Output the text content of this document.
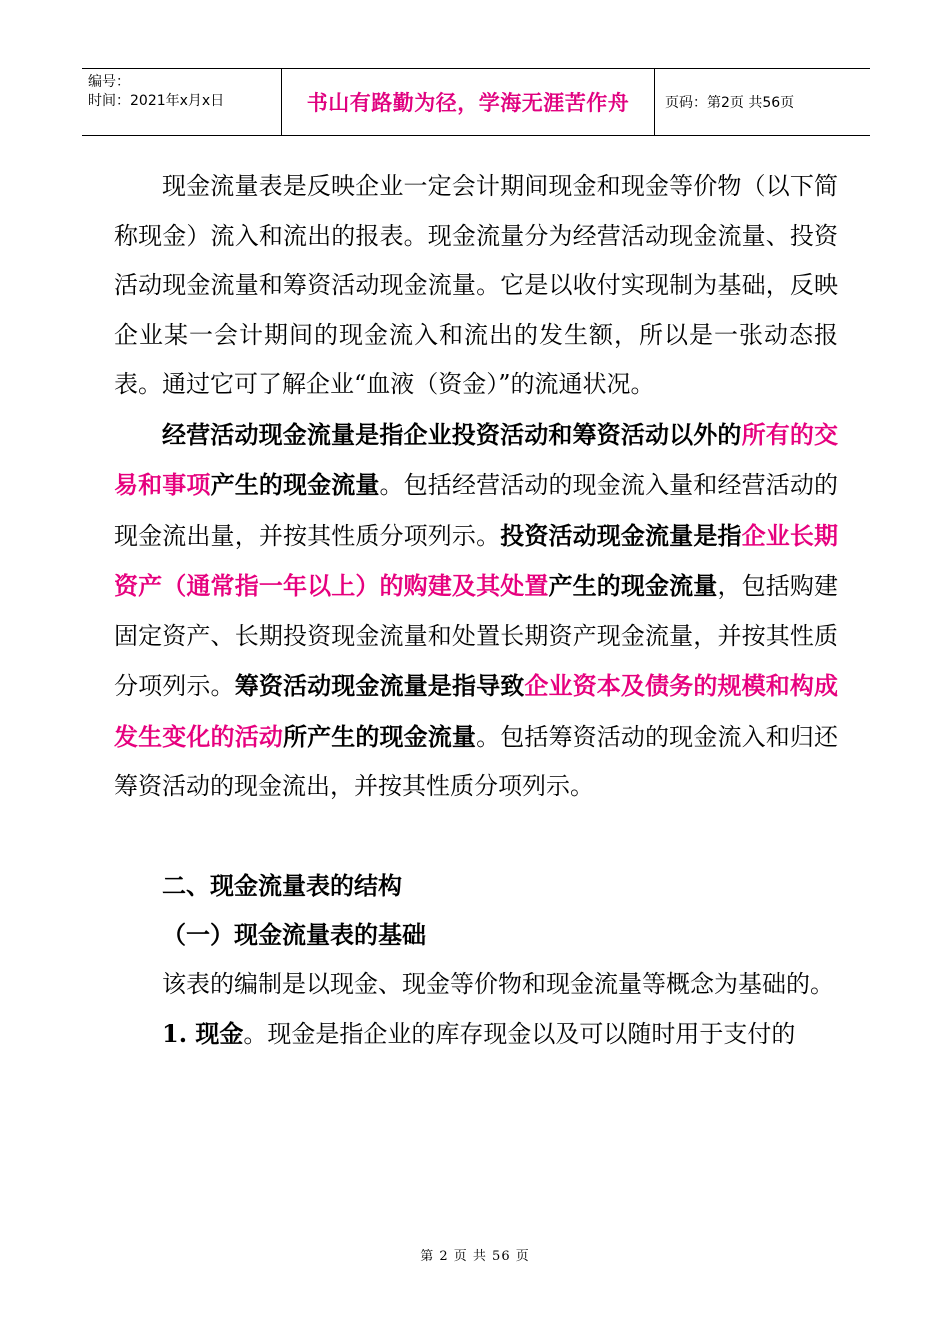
编号：
时间：2021年x月x日	书山有路勤为径，学海无涯苦作舟	页码：第2页 共56页

现金流量表是反映企业一定会计期间现金和现金等价物（以下简称现金）流入和流出的报表。现金流量分为经营活动现金流量、投资活动现金流量和筹资活动现金流量。它是以收付实现制为基础，反映企业某一会计期间的现金流入和流出的发生额，所以是一张动态报表。通过它可了解企业“血液（资金）”的流通状况。

经营活动现金流量是指企业投资活动和筹资活动以外的所有的交易和事项产生的现金流量。包括经营活动的现金流入量和经营活动的现金流出量，并按其性质分项列示。投资活动现金流量是指企业长期资产（通常指一年以上）的购建及其处置产生的现金流量，包括购建固定资产、长期投资现金流量和处置长期资产现金流量，并按其性质分项列示。筹资活动现金流量是指导致企业资本及债务的规模和构成发生变化的活动所产生的现金流量。包括筹资活动的现金流入和归还筹资活动的现金流出，并按其性质分项列示。

二、现金流量表的结构

（一）现金流量表的基础

该表的编制是以现金、现金等价物和现金流量等概念为基础的。

1. 现金。现金是指企业的库存现金以及可以随时用于支付的

第 2 页 共 56 页
